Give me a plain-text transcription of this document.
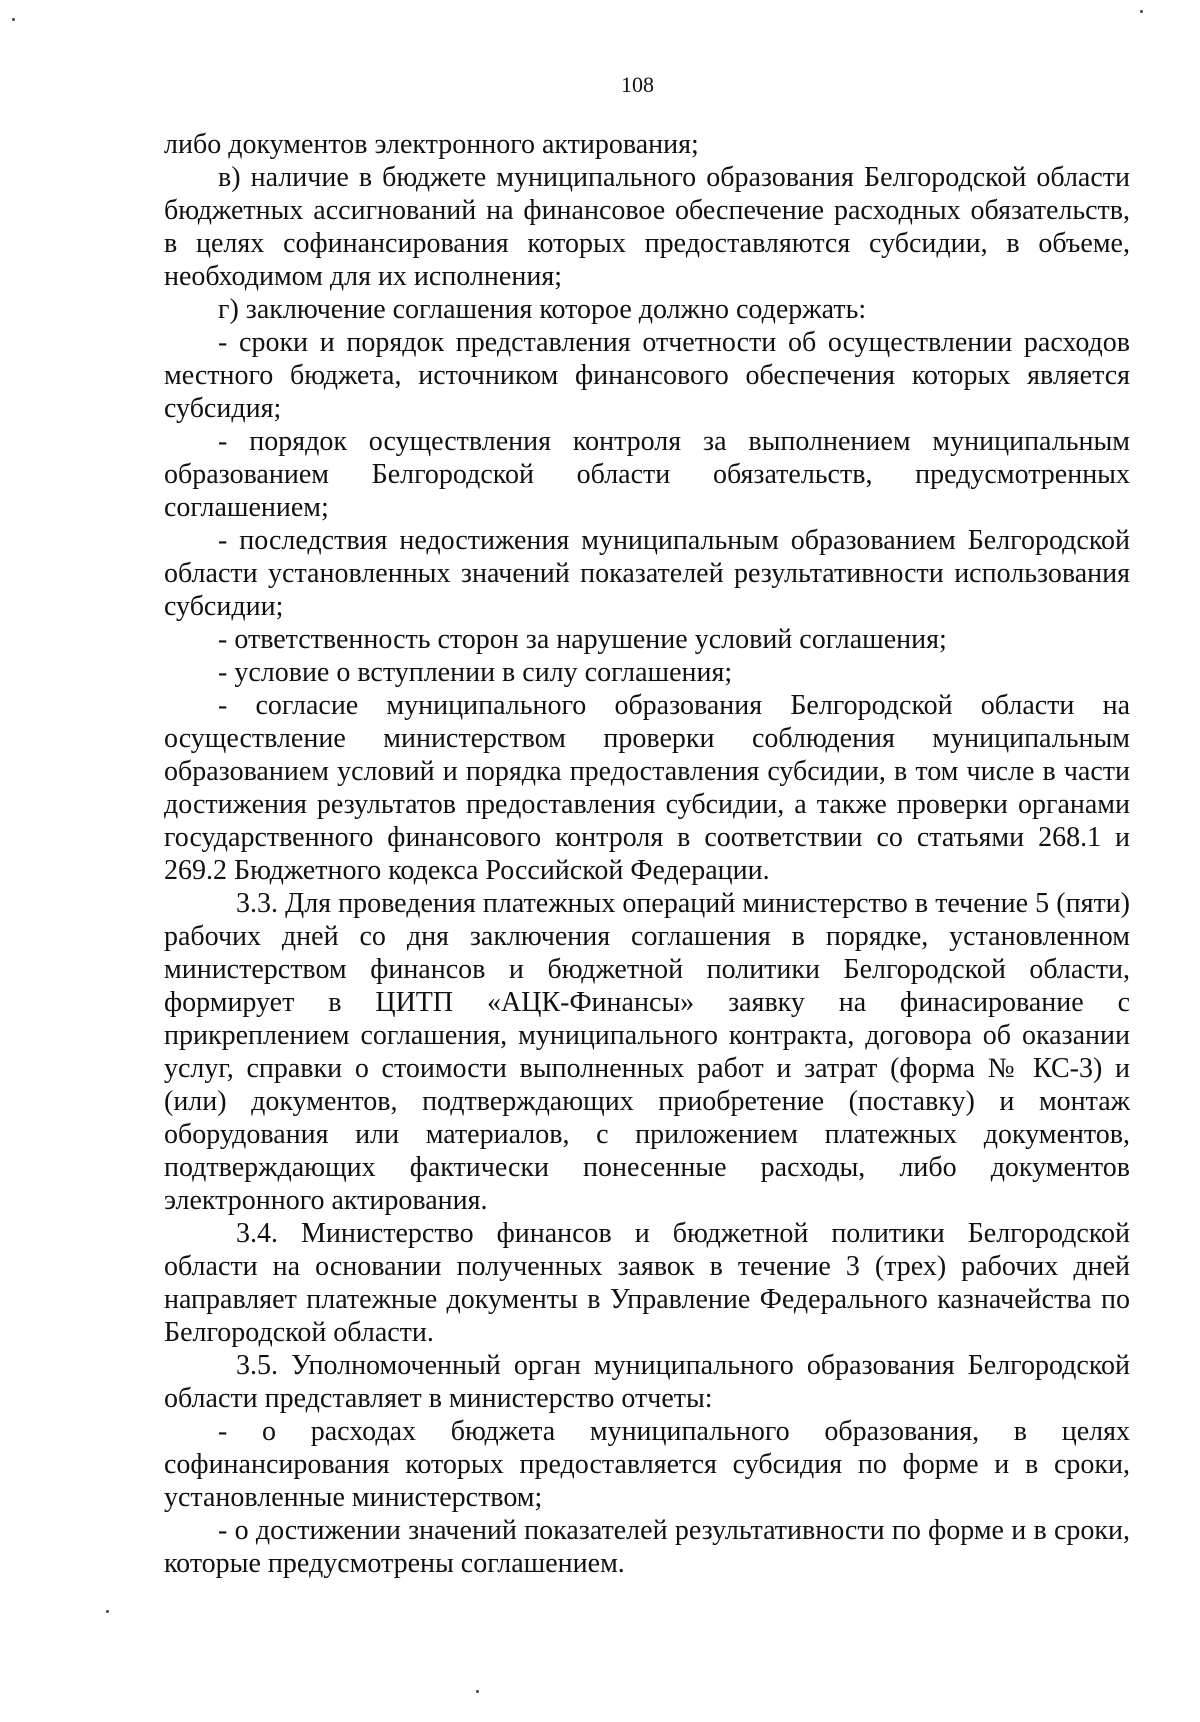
108

либо документов электронного актирования;

в) наличие в бюджете муниципального образования Белгородской области бюджетных ассигнований на финансовое обеспечение расходных обязательств, в целях софинансирования которых предоставляются субсидии, в объеме, необходимом для их исполнения;

г) заключение соглашения которое должно содержать:

- сроки и порядок представления отчетности об осуществлении расходов местного бюджета, источником финансового обеспечения которых является субсидия;

- порядок осуществления контроля за выполнением муниципальным образованием Белгородской области обязательств, предусмотренных соглашением;

- последствия недостижения муниципальным образованием Белгородской области установленных значений показателей результативности использования субсидии;

- ответственность сторон за нарушение условий соглашения;

- условие о вступлении в силу соглашения;

- согласие муниципального образования Белгородской области на осуществление министерством проверки соблюдения муниципальным образованием условий и порядка предоставления субсидии, в том числе в части достижения результатов предоставления субсидии, а также проверки органами государственного финансового контроля в соответствии со статьями 268.1 и 269.2 Бюджетного кодекса Российской Федерации.

3.3. Для проведения платежных операций министерство в течение 5 (пяти) рабочих дней со дня заключения соглашения в порядке, установленном министерством финансов и бюджетной политики Белгородской области, формирует в ЦИТП «АЦК-Финансы» заявку на финасирование с прикреплением соглашения, муниципального контракта, договора об оказании услуг, справки о стоимости выполненных работ и затрат (форма № КС-3) и (или) документов, подтверждающих приобретение (поставку) и монтаж оборудования или материалов, с приложением платежных документов, подтверждающих фактически понесенные расходы, либо документов электронного актирования.

3.4. Министерство финансов и бюджетной политики Белгородской области на основании полученных заявок в течение 3 (трех) рабочих дней направляет платежные документы в Управление Федерального казначейства по Белгородской области.

3.5. Уполномоченный орган муниципального образования Белгородской области представляет в министерство отчеты:

- о расходах бюджета муниципального образования, в целях софинансирования которых предоставляется субсидия по форме и в сроки, установленные министерством;

- о достижении значений показателей результативности по форме и в сроки, которые предусмотрены соглашением.
